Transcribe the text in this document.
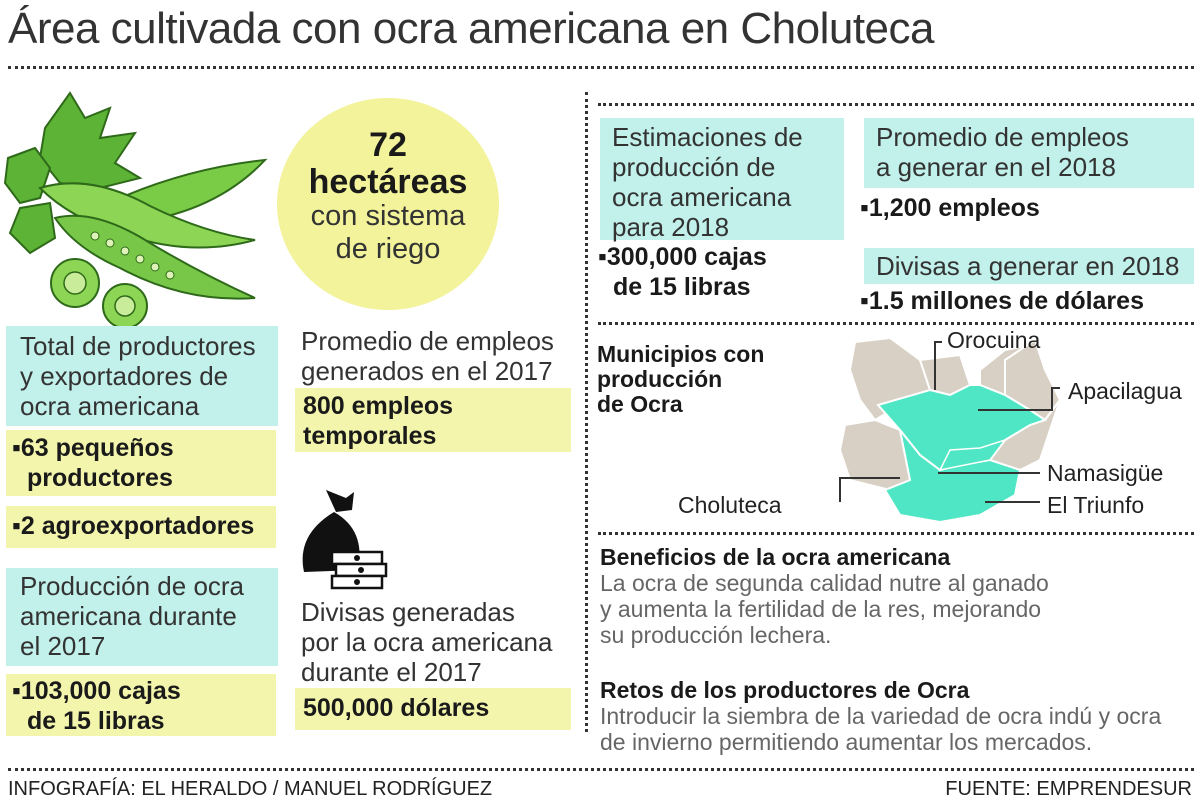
Área cultivada con ocra americana en Choluteca
72
hectáreas
con sistema
de riego
Total de productores
y exportadores de
ocra americana
▪63 pequeños
productores
▪2 agroexportadores
Producción de ocra
americana durante
el 2017
▪103,000 cajas
de 15 libras
Promedio de empleos
generados en el 2017
800 empleos
temporales
Divisas generadas
por la ocra americana
durante el 2017
500,000 dólares
Estimaciones de
producción de
ocra americana
para 2018
▪300,000 cajas
de 15 libras
Promedio de empleos
a generar en el 2018
▪1,200 empleos
Divisas a generar en 2018
▪1.5 millones de dólares
Municipios con
producción
de Ocra
Orocuina
Apacilagua
Namasigüe
Choluteca	El Triunfo
Beneficios de la ocra americana
La ocra de segunda calidad nutre al ganado
y aumenta la fertilidad de la res, mejorando
su producción lechera.
Retos de los productores de Ocra
Introducir la siembra de la variedad de ocra indú y ocra
de invierno permitiendo aumentar los mercados.
INFOGRAFÍA: EL HERALDO / MANUEL RODRÍGUEZ	FUENTE: EMPRENDESUR
